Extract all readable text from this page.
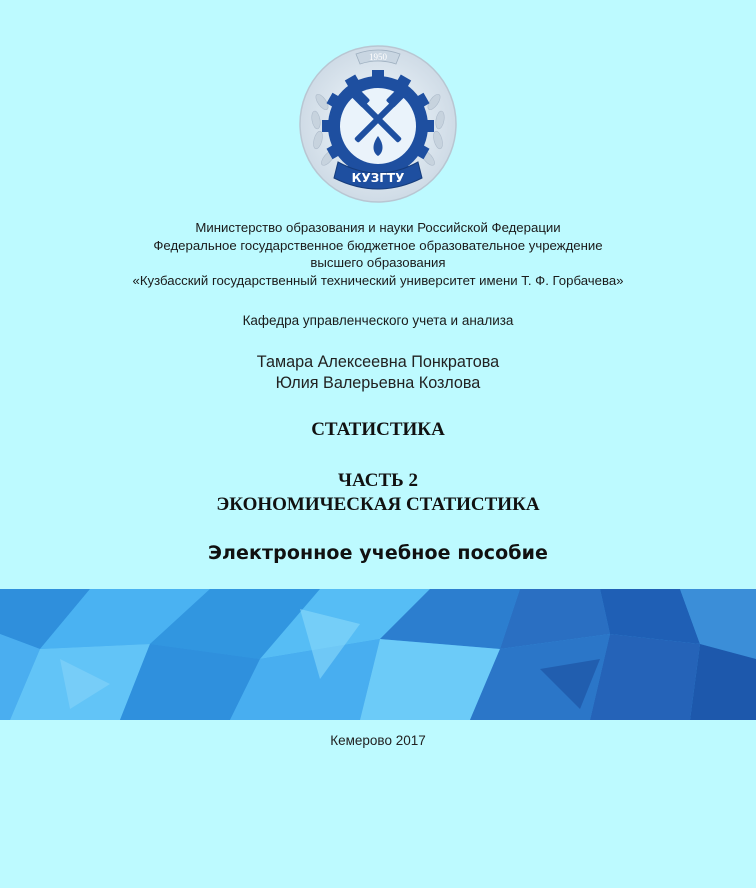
1950
КУЗГТУ
Министерство образования и науки Российской Федерации
Федеральное государственное бюджетное образовательное учреждение
высшего образования
«Кузбасский государственный технический университет имени Т. Ф. Горбачева»
Кафедра управленческого учета и анализа
Тамара Алексеевна Понкратова
Юлия Валерьевна Козлова
СТАТИСТИКА
ЧАСТЬ 2
ЭКОНОМИЧЕСКАЯ СТАТИСТИКА
Электронное учебное пособие
Кемерово 2017
